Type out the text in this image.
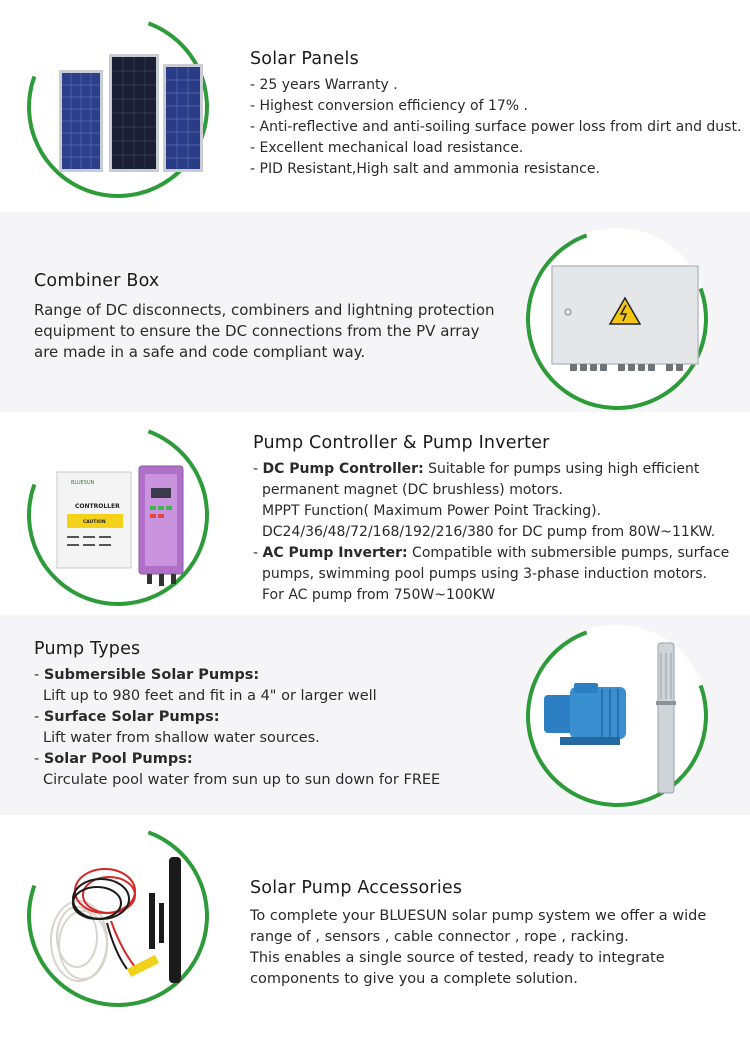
Solar Panels
- 25 years Warranty .
- Highest conversion efficiency of 17% .
- Anti-reflective and anti-soiling surface power loss from dirt and dust.
- Excellent mechanical load resistance.
- PID Resistant,High salt and ammonia resistance.
Combiner Box
Range of DC disconnects, combiners and lightning protection
equipment to ensure the DC connections from the PV array
are made in a safe and code compliant way.
BLUESUN
CONTROLLER
CAUTION
Pump Controller & Pump Inverter
- DC Pump Controller: Suitable for pumps using high efficient
permanent magnet (DC brushless) motors.
MPPT Function( Maximum Power Point Tracking).
DC24/36/48/72/168/192/216/380 for DC pump from 80W~11KW.
- AC Pump Inverter: Compatible with submersible pumps, surface
pumps, swimming pool pumps using 3-phase induction motors.
For AC pump from 750W~100KW
Pump Types
- Submersible Solar Pumps:
Lift up to 980 feet and fit in a 4" or larger well
- Surface Solar Pumps:
Lift water from shallow water sources.
- Solar Pool Pumps:
Circulate pool water from sun up to sun down for FREE
Solar Pump Accessories
To complete your BLUESUN solar pump system we offer a wide
range of , sensors , cable connector , rope , racking.
This enables a single source of tested, ready to integrate
components to give you a complete solution.
